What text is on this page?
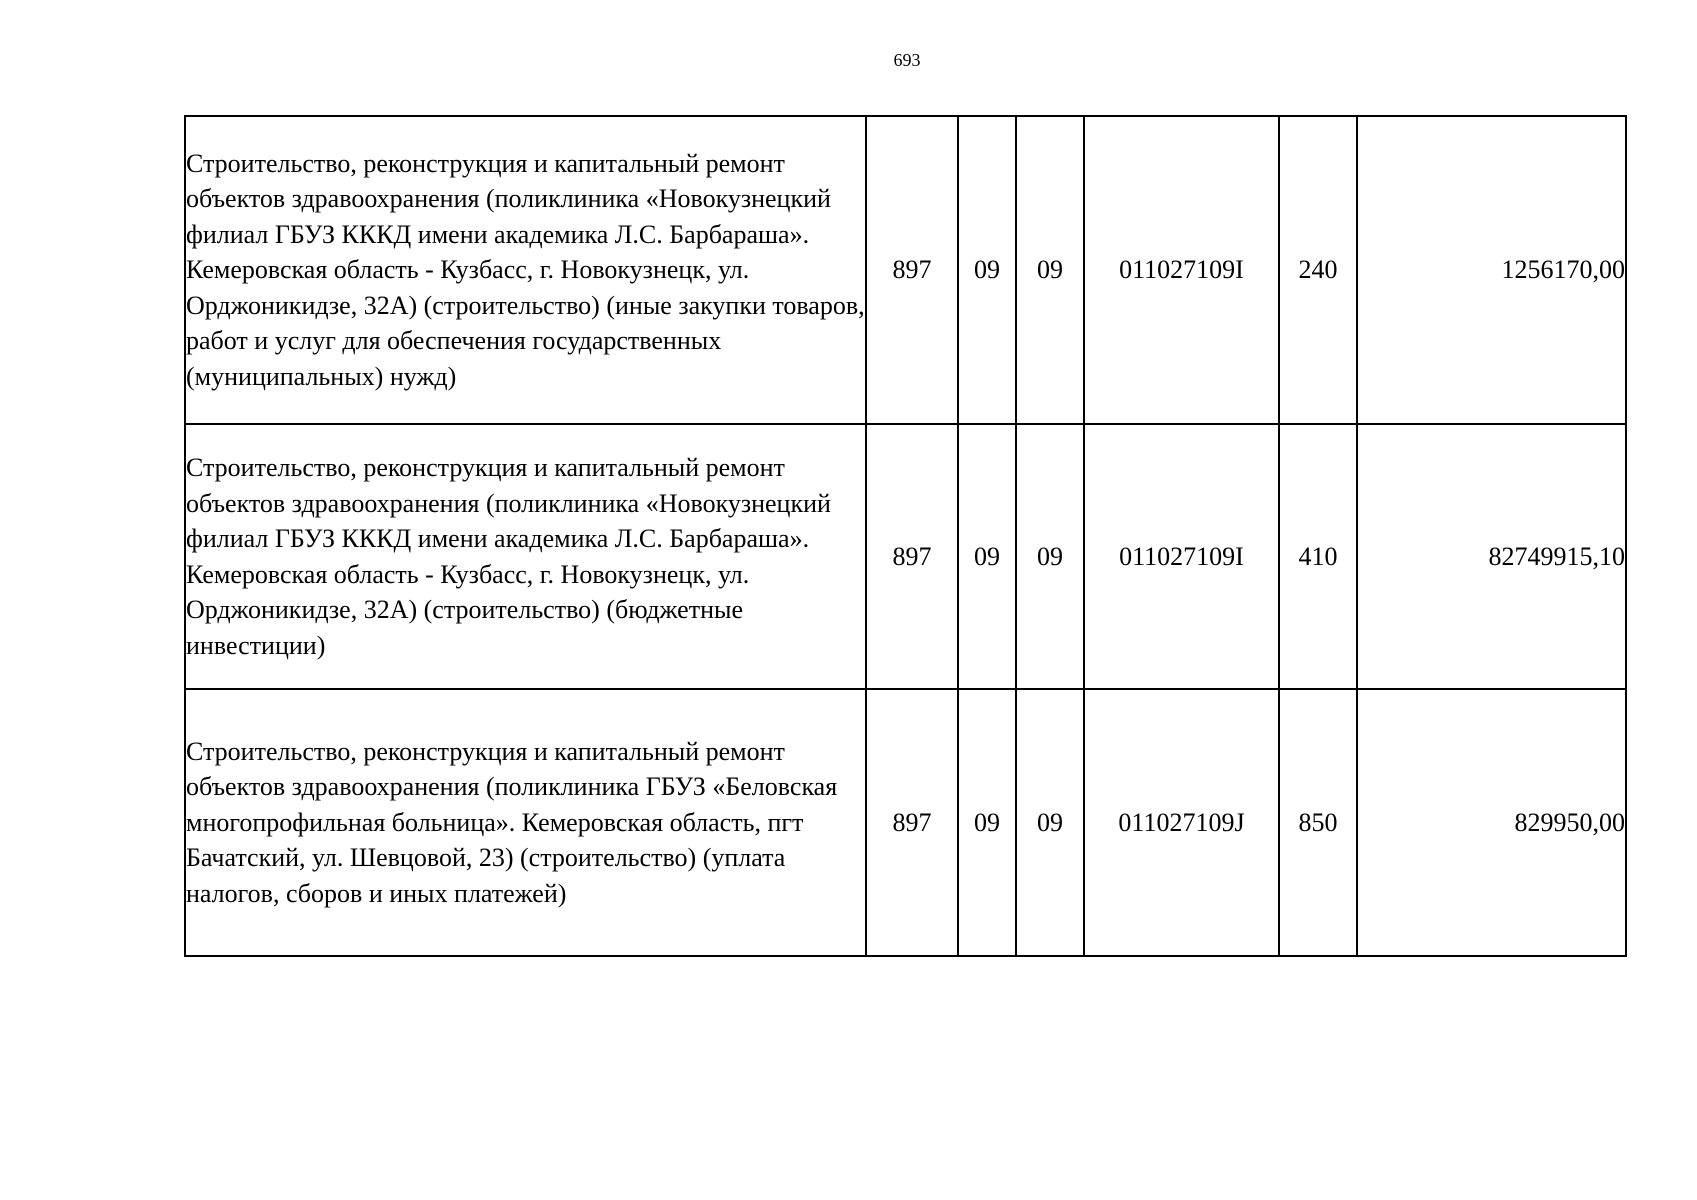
693
Строительство, реконструкция и капитальный ремонт объектов здравоохранения (поликлиника «Новокузнецкий филиал ГБУЗ КККД имени академика Л.С. Барбараша». Кемеровская область - Кузбасс, г. Новокузнецк, ул. Орджоникидзе, 32А) (строительство) (иные закупки товаров, работ и услуг для обеспечения государственных (муниципальных) нужд)	897	09	09	011027109I	240	1256170,00
Строительство, реконструкция и капитальный ремонт объектов здравоохранения (поликлиника «Новокузнецкий филиал ГБУЗ КККД имени академика Л.С. Барбараша». Кемеровская область - Кузбасс, г. Новокузнецк, ул. Орджоникидзе, 32А) (строительство) (бюджетные инвестиции)	897	09	09	011027109I	410	82749915,10
Строительство, реконструкция и капитальный ремонт объектов здравоохранения (поликлиника ГБУЗ «Беловская многопрофильная больница». Кемеровская область, пгт Бачатский, ул. Шевцовой, 23) (строительство) (уплата налогов, сборов и иных платежей)	897	09	09	011027109J	850	829950,00
